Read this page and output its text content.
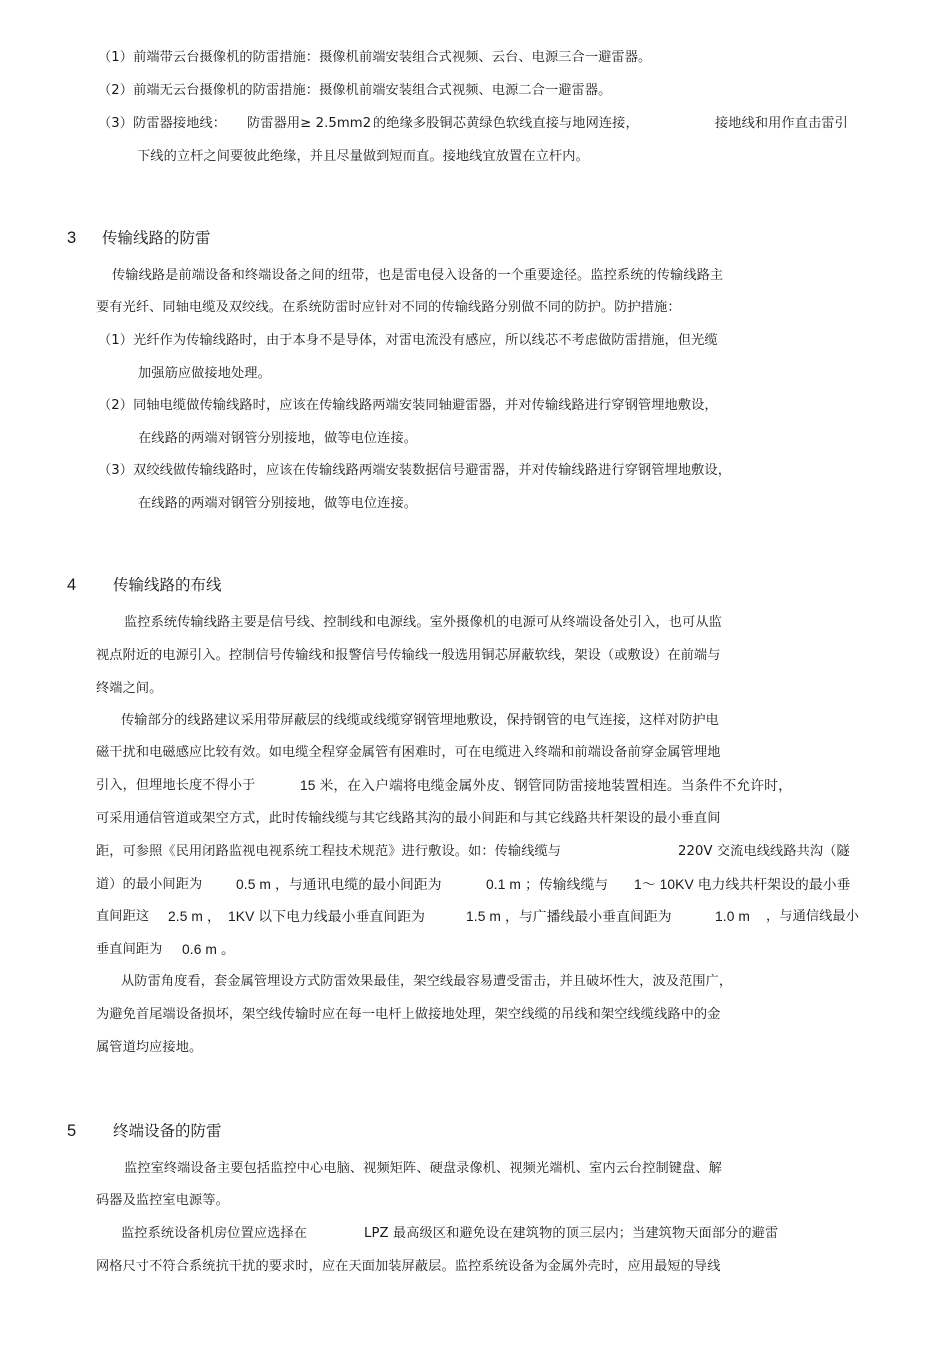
（1）前端带云台摄像机的防雷措施：摄像机前端安装组合式视频、云台、电源三合一避雷器。
（2）前端无云台摄像机的防雷措施：摄像机前端安装组合式视频、电源二合一避雷器。
（3）防雷器接地线： 防雷器用≥ 2.5mm2 的绝缘多股铜芯黄绿色软线直接与地网连接，	接地线和用作直击雷引
下线的立杆之间要彼此绝缘，并且尽量做到短而直。接地线宜放置在立杆内。
3 传输线路的防雷
传输线路是前端设备和终端设备之间的纽带，也是雷电侵入设备的一个重要途径。监控系统的传输线路主
要有光纤、同轴电缆及双绞线。在系统防雷时应针对不同的传输线路分别做不同的防护。防护措施：
（1）光纤作为传输线路时，由于本身不是导体，对雷电流没有感应，所以线芯不考虑做防雷措施，但光缆
加强筋应做接地处理。
（2）同轴电缆做传输线路时，应该在传输线路两端安装同轴避雷器，并对传输线路进行穿钢管埋地敷设，
在线路的两端对钢管分别接地，做等电位连接。
（3）双绞线做传输线路时，应该在传输线路两端安装数据信号避雷器，并对传输线路进行穿钢管埋地敷设，
在线路的两端对钢管分别接地，做等电位连接。
4 传输线路的布线
监控系统传输线路主要是信号线、控制线和电源线。室外摄像机的电源可从终端设备处引入，也可从监
视点附近的电源引入。控制信号传输线和报警信号传输线一般选用铜芯屏蔽软线，架设（或敷设）在前端与
终端之间。
传输部分的线路建议采用带屏蔽层的线缆或线缆穿钢管埋地敷设，保持钢管的电气连接，这样对防护电
磁干扰和电磁感应比较有效。如电缆全程穿金属管有困难时，可在电缆进入终端和前端设备前穿金属管埋地
引入，但埋地长度不得小于	15 米，在入户端将电缆金属外皮、钢管同防雷接地装置相连。当条件不允许时，
可采用通信管道或架空方式，此时传输线缆与其它线路其沟的最小间距和与其它线路共杆架设的最小垂直间
距，可参照《民用闭路监视电视系统工程技术规范》进行敷设。如：传输线缆与	220V 交流电线线路共沟（隧
道）的最小间距为 0.5 m ，与通讯电缆的最小间距为	0.1 m ；传输线缆与 1～ 10KV 电力线共杆架设的最小垂
直间距这 2.5 m ， 1KV 以下电力线最小垂直间距为	1.5 m ，与广播线最小垂直间距为	1.0 m ，与通信线最小
垂直间距为 0.6 m 。
从防雷角度看，套金属管埋设方式防雷效果最佳，架空线最容易遭受雷击，并且破坏性大，波及范围广，
为避免首尾端设备损坏，架空线传输时应在每一电杆上做接地处理，架空线缆的吊线和架空线缆线路中的金
属管道均应接地。
5 终端设备的防雷
监控室终端设备主要包括监控中心电脑、视频矩阵、硬盘录像机、视频光端机、室内云台控制键盘、解
码器及监控室电源等。
监控系统设备机房位置应选择在	LPZ 最高级区和避免设在建筑物的顶三层内；当建筑物天面部分的避雷
网格尺寸不符合系统抗干扰的要求时，应在天面加装屏蔽层。监控系统设备为金属外壳时，应用最短的导线
